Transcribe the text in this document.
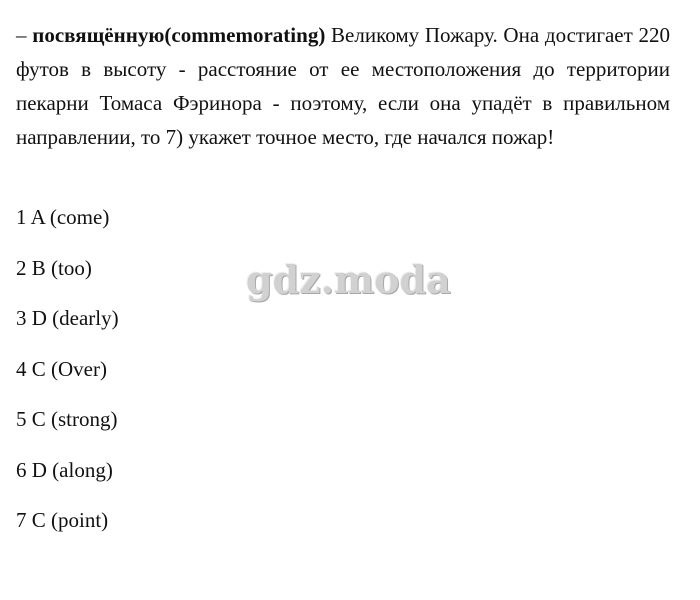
– посвящённую(commemorating) Великому Пожару. Она достигает 220 футов в высоту - расстояние от ее местоположения до территории пекарни Томаса Фэринора - поэтому, если она упадёт в правильном направлении, то 7) укажет точное место, где начался пожар!

1 A (come)
2 B (too)
3 D (dearly)
4 C (Over)
5 C (strong)
6 D (along)
7 C (point)
gdz.moda
